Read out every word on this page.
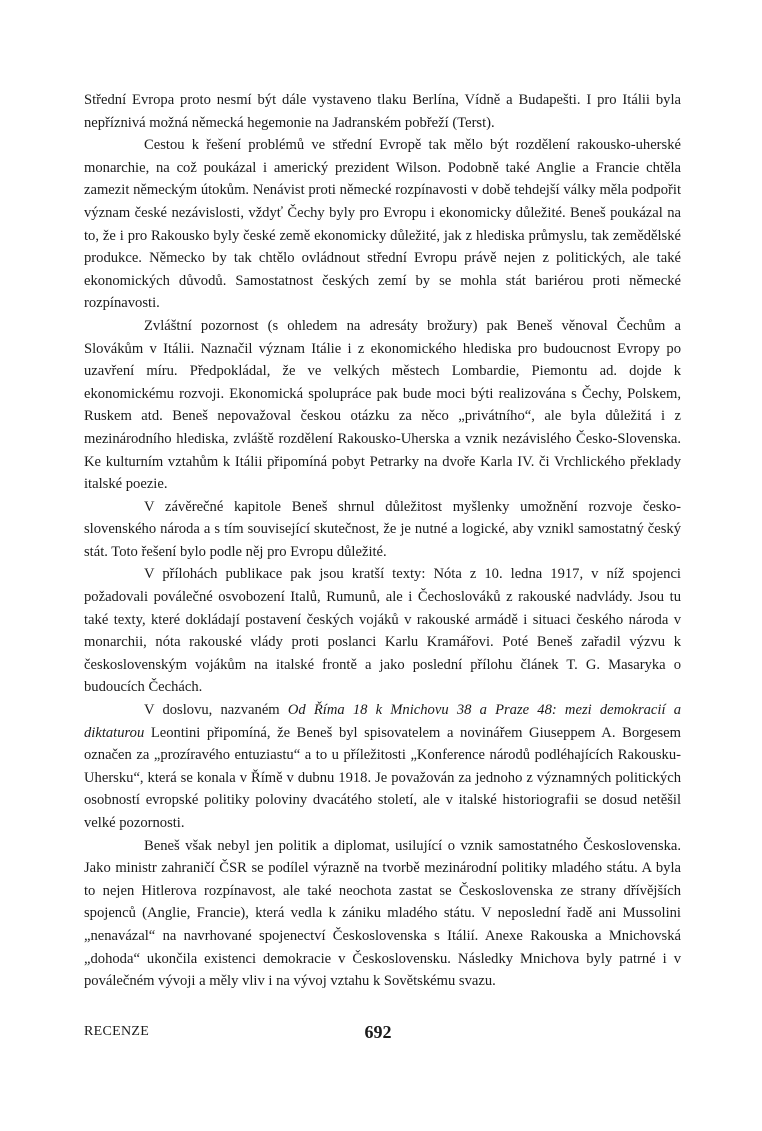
Střední Evropa proto nesmí být dále vystaveno tlaku Berlína, Vídně a Budapešti. I pro Itálii byla nepříznivá možná německá hegemonie na Jadranském pobřeží (Terst).

Cestou k řešení problémů ve střední Evropě tak mělo být rozdělení rakousko-uherské monarchie, na což poukázal i americký prezident Wilson. Podobně také Anglie a Francie chtěla zamezit německým útokům. Nenávist proti německé rozpínavosti v době tehdejší války měla podpořit význam české nezávislosti, vždyť Čechy byly pro Evropu i ekonomicky důležité. Beneš poukázal na to, že i pro Rakousko byly české země ekonomicky důležité, jak z hlediska průmyslu, tak zemědělské produkce. Německo by tak chtělo ovládnout střední Evropu právě nejen z politických, ale také ekonomických důvodů. Samostatnost českých zemí by se mohla stát bariérou proti německé rozpínavosti.

Zvláštní pozornost (s ohledem na adresáty brožury) pak Beneš věnoval Čechům a Slovákům v Itálii. Naznačil význam Itálie i z ekonomického hlediska pro budoucnost Evropy po uzavření míru. Předpokládal, že ve velkých městech Lombardie, Piemontu ad. dojde k ekonomickému rozvoji. Ekonomická spolupráce pak bude moci býti realizována s Čechy, Polskem, Ruskem atd. Beneš nepovažoval českou otázku za něco „privátního“, ale byla důležitá i z mezinárodního hlediska, zvláště rozdělení Rakousko-Uherska a vznik nezávislého Česko-Slovenska. Ke kulturním vztahům k Itálii připomíná pobyt Petrarky na dvoře Karla IV. či Vrchlického překlady italské poezie.

V závěrečné kapitole Beneš shrnul důležitost myšlenky umožnění rozvoje česko-slovenského národa a s tím související skutečnost, že je nutné a logické, aby vznikl samostatný český stát. Toto řešení bylo podle něj pro Evropu důležité.

V přílohách publikace pak jsou kratší texty: Nóta z 10. ledna 1917, v níž spojenci požadovali poválečné osvobození Italů, Rumunů, ale i Čechoslováků z rakouské nadvlády. Jsou tu také texty, které dokládají postavení českých vojáků v rakouské armádě i situaci českého národa v monarchii, nóta rakouské vlády proti poslanci Karlu Kramářovi. Poté Beneš zařadil výzvu k československým vojákům na italské frontě a jako poslední přílohu článek T. G. Masaryka o budoucích Čechách.

V doslovu, nazvaném Od Říma 18 k Mnichovu 38 a Praze 48: mezi demokracií a diktaturou Leontini připomíná, že Beneš byl spisovatelem a novinářem Giuseppem A. Borgesem označen za „prozíravého entuziastu“ a to u příležitosti „Konference národů podléhajících Rakousku-Uhersku“, která se konala v Římě v dubnu 1918. Je považován za jednoho z významných politických osobností evropské politiky poloviny dvacátého století, ale v italské historiografii se dosud netěšil velké pozornosti.

Beneš však nebyl jen politik a diplomat, usilující o vznik samostatného Československa. Jako ministr zahraničí ČSR se podílel výrazně na tvorbě mezinárodní politiky mladého státu. A byla to nejen Hitlerova rozpínavost, ale také neochota zastat se Československa ze strany dřívějších spojenců (Anglie, Francie), která vedla k zániku mladého státu. V neposlední řadě ani Mussolini „nenavázal“ na navrhované spojenectví Československa s Itálií. Anexe Rakouska a Mnichovská „dohoda“ ukončila existenci demokracie v Československu. Následky Mnichova byly patrné i v poválečném vývoji a měly vliv i na vývoj vztahu k Sovětskému svazu.

RECENZE	692
